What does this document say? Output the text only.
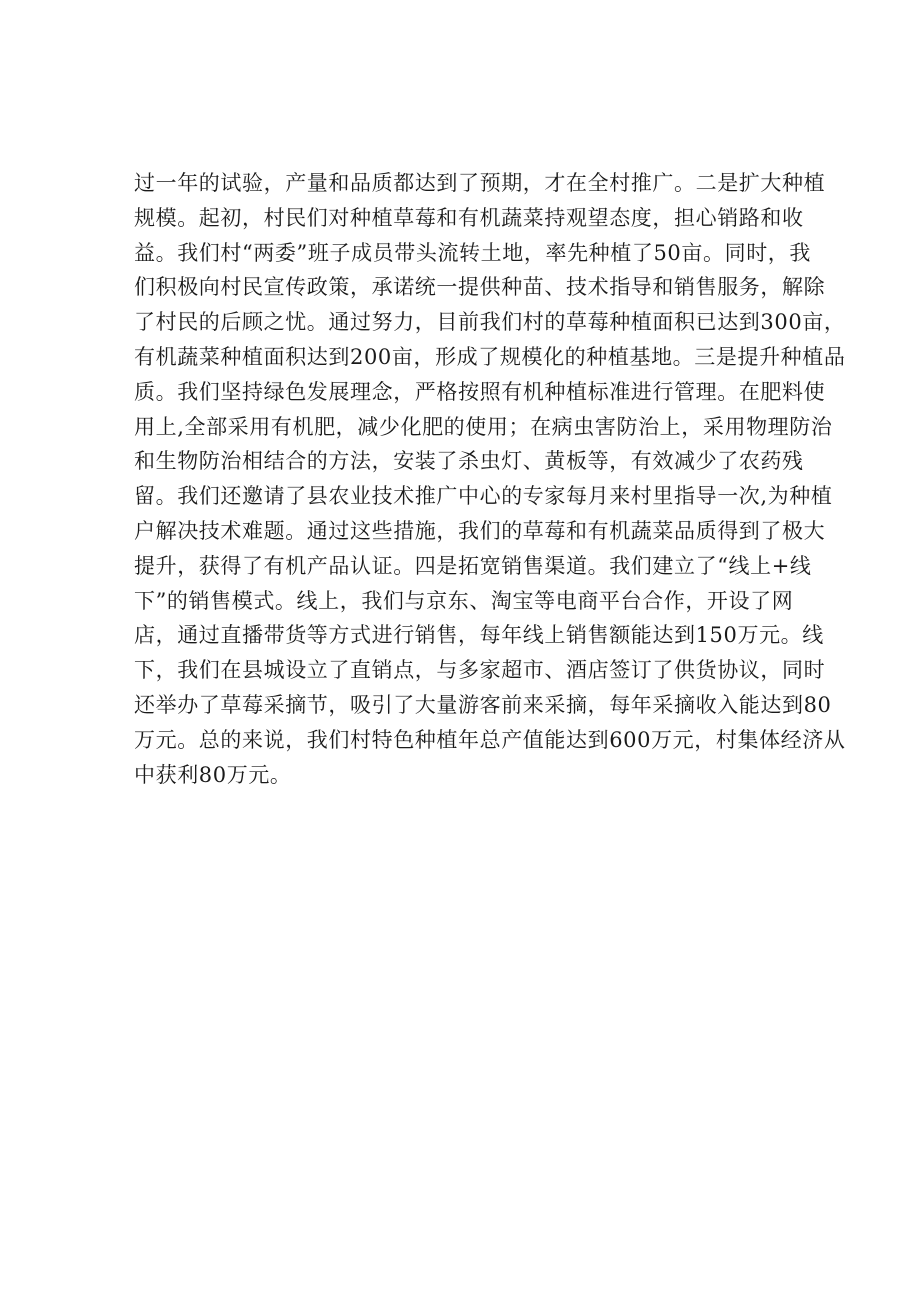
过一年的试验，产量和品质都达到了预期，才在全村推广。二是扩大种植
规模。起初，村民们对种植草莓和有机蔬菜持观望态度，担心销路和收
益。我们村“两委”班子成员带头流转土地，率先种植了50亩。同时，我
们积极向村民宣传政策，承诺统一提供种苗、技术指导和销售服务，解除
了村民的后顾之忧。通过努力，目前我们村的草莓种植面积已达到300亩，
有机蔬菜种植面积达到200亩，形成了规模化的种植基地。三是提升种植品
质。我们坚持绿色发展理念，严格按照有机种植标准进行管理。在肥料使
用上,全部采用有机肥，减少化肥的使用；在病虫害防治上，采用物理防治
和生物防治相结合的方法，安装了杀虫灯、黄板等，有效减少了农药残
留。我们还邀请了县农业技术推广中心的专家每月来村里指导一次,为种植
户解决技术难题。通过这些措施，我们的草莓和有机蔬菜品质得到了极大
提升，获得了有机产品认证。四是拓宽销售渠道。我们建立了“线上+线
下”的销售模式。线上，我们与京东、淘宝等电商平台合作，开设了网
店，通过直播带货等方式进行销售，每年线上销售额能达到150万元。线
下，我们在县城设立了直销点，与多家超市、酒店签订了供货协议，同时
还举办了草莓采摘节，吸引了大量游客前来采摘，每年采摘收入能达到80
万元。总的来说，我们村特色种植年总产值能达到600万元，村集体经济从
中获利80万元。
